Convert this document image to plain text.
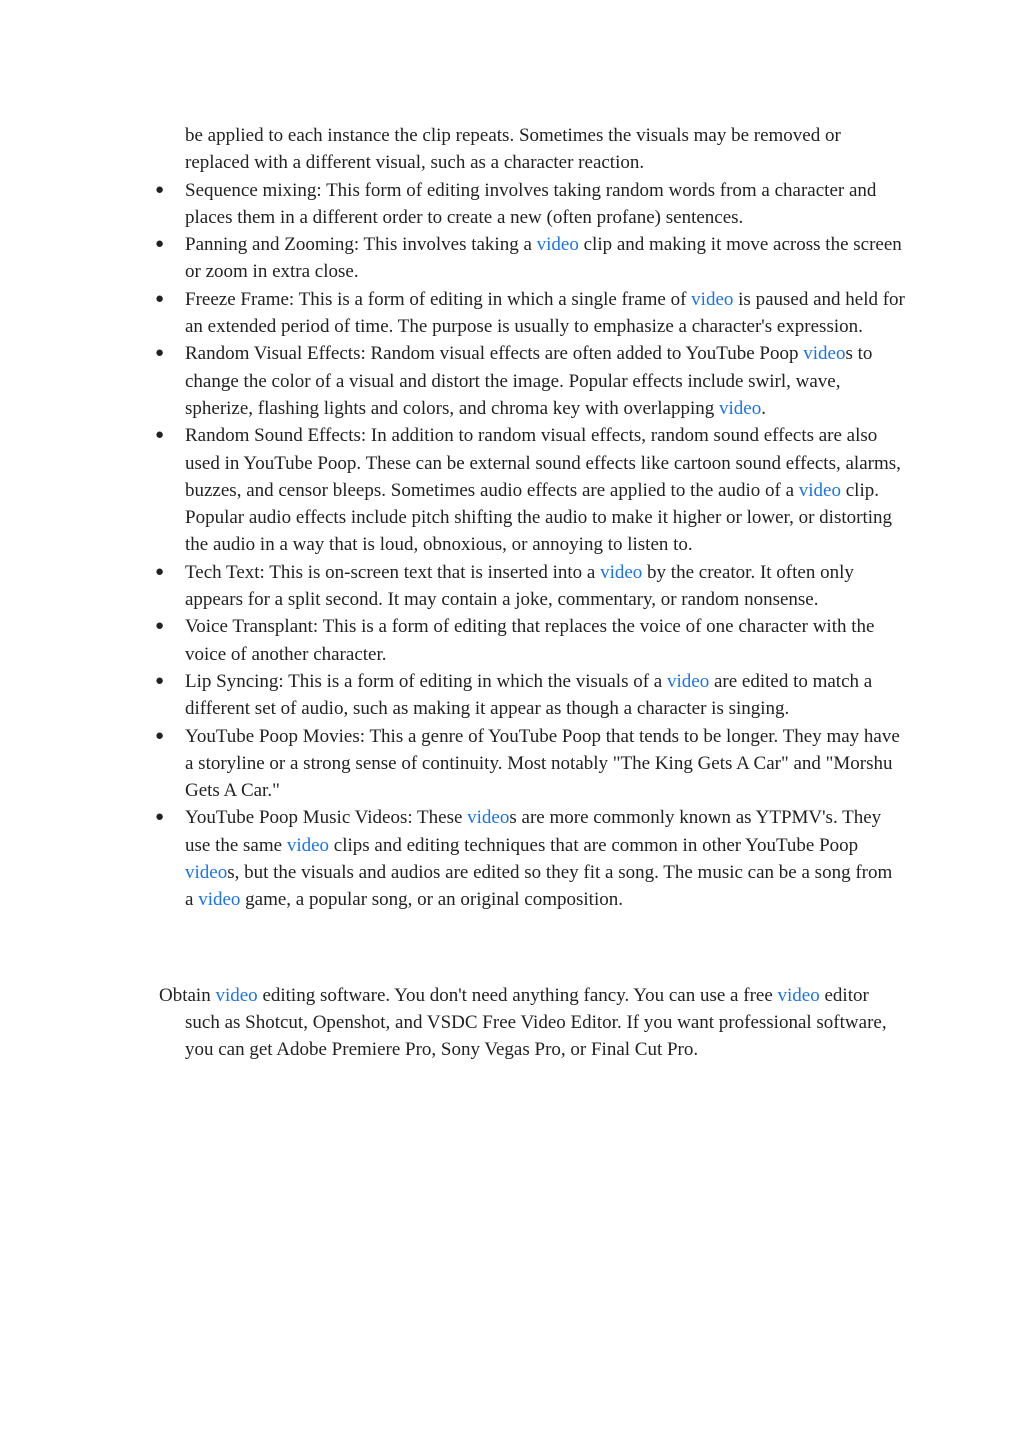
be applied to each instance the clip repeats. Sometimes the visuals may be removed or replaced with a different visual, such as a character reaction.

● Sequence mixing: This form of editing involves taking random words from a character and places them in a different order to create a new (often profane) sentences.
● Panning and Zooming: This involves taking a video clip and making it move across the screen or zoom in extra close.
● Freeze Frame: This is a form of editing in which a single frame of video is paused and held for an extended period of time. The purpose is usually to emphasize a character's expression.
● Random Visual Effects: Random visual effects are often added to YouTube Poop videos to change the color of a visual and distort the image. Popular effects include swirl, wave, spherize, flashing lights and colors, and chroma key with overlapping video.
● Random Sound Effects: In addition to random visual effects, random sound effects are also used in YouTube Poop. These can be external sound effects like cartoon sound effects, alarms, buzzes, and censor bleeps. Sometimes audio effects are applied to the audio of a video clip. Popular audio effects include pitch shifting the audio to make it higher or lower, or distorting the audio in a way that is loud, obnoxious, or annoying to listen to.
● Tech Text: This is on-screen text that is inserted into a video by the creator. It often only appears for a split second. It may contain a joke, commentary, or random nonsense.
● Voice Transplant: This is a form of editing that replaces the voice of one character with the voice of another character.
● Lip Syncing: This is a form of editing in which the visuals of a video are edited to match a different set of audio, such as making it appear as though a character is singing.
● YouTube Poop Movies: This a genre of YouTube Poop that tends to be longer. They may have a storyline or a strong sense of continuity. Most notably "The King Gets A Car" and "Morshu Gets A Car."
● YouTube Poop Music Videos: These videos are more commonly known as YTPMV's. They use the same video clips and editing techniques that are common in other YouTube Poop videos, but the visuals and audios are edited so they fit a song. The music can be a song from a video game, a popular song, or an original composition.

Obtain video editing software. You don't need anything fancy. You can use a free video editor such as Shotcut, Openshot, and VSDC Free Video Editor. If you want professional software, you can get Adobe Premiere Pro, Sony Vegas Pro, or Final Cut Pro.
